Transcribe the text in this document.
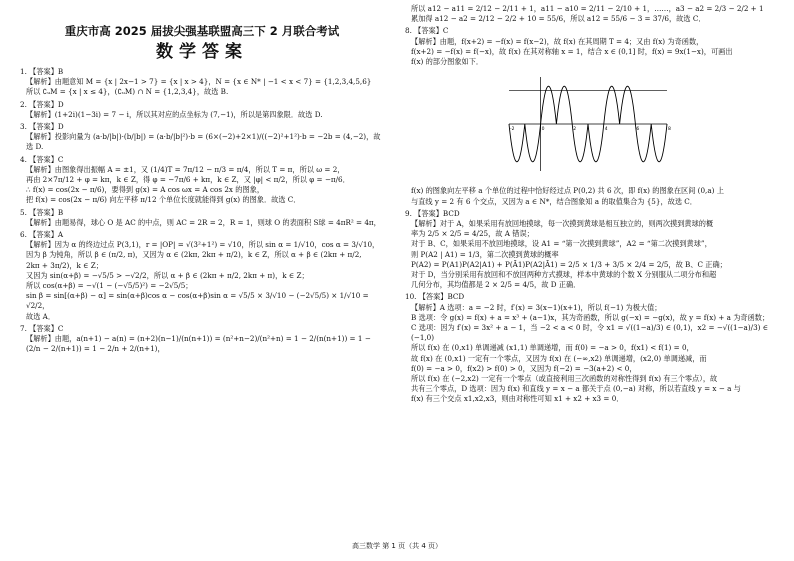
重庆市高 2025 届拔尖强基联盟高三下 2 月联合考试
数学答案
1. 【答案】B
【解析】由题意知 M = {x | 2x−1 > 7} = {x | x > 4}，N = {x ∈ N* | −1 < x < 7} = {1,2,3,4,5,6}
所以 ∁ᵤM = {x | x ≤ 4}，(∁ᵤM) ∩ N = {1,2,3,4}，故选 B.
2. 【答案】D
【解析】(1+2i)(1−3i) = 7 − i，所以其对应的点坐标为 (7,−1)，所以是第四象限．故选 D.
3. 【答案】D
【解析】投影向量为 (a·b/|b|)·(b/|b|) = (a·b/|b|²)·b = (6×(−2)+2×1)/((−2)²+1²)·b = −2b = (4,−2)，故选 D.
4. 【答案】C
【解析】由图象得出振幅 A = ±1，又 (1/4)T = 7π/12 − π/3 = π/4，所以 T = π，所以 ω = 2，
再由 2×7π/12 + φ = kπ，k ∈ Z，得 φ = −7π/6 + kπ，k ∈ Z，又 |φ| < π/2，所以 φ = −π/6．
∴ f(x) = cos(2x − π/6)，要得到 g(x) = A cos ωx = A cos 2x 的图象，
把 f(x) = cos(2x − π/6) 向左平移 π/12 个单位长度就能得到 g(x) 的图象．故选 C．
5. 【答案】B
【解析】由题易得，球心 O 是 AC 的中点，则 AC = 2R = 2，R = 1，则球 O 的表面积 S球 = 4πR² = 4π，
6. 【答案】A
【解析】因为 α 的终边过点 P(3,1)，r = |OP| = √(3²+1²) = √10，所以 sin α = 1/√10，cos α = 3/√10，
因为 β 为钝角，所以 β ∈ (π/2, π)，又因为 α ∈ (2kπ, 2kπ + π/2)，k ∈ Z，所以 α + β ∈ (2kπ + π/2,
2kπ + 3π/2)，k ∈ Z；
又因为 sin(α+β) = −√5/5 > −√2/2，所以 α + β ∈ (2kπ + π/2, 2kπ + π)，k ∈ Z；
所以 cos(α+β) = −√(1 − (−√5/5)²) = −2√5/5；
sin β = sin[(α+β) − α] = sin(α+β)cos α − cos(α+β)sin α = √5/5 × 3/√10 − (−2√5/5) × 1/√10 = √2/2，
故选 A．
7. 【答案】C
【解析】由题，a(n+1) − a(n) = (n+2)(n−1)/(n(n+1)) = (n²+n−2)/(n²+n) = 1 − 2/(n(n+1)) = 1 − (2/n − 2/(n+1)) = 1 − 2/n + 2/(n+1)，
所以 a12 − a11 = 2/12 − 2/11 + 1，a11 − a10 = 2/11 − 2/10 + 1，……，a3 − a2 = 2/3 − 2/2 + 1
累加得 a12 − a2 = 2/12 − 2/2 + 10 = 55/6，所以 a12 = 55/6 − 3 = 37/6，故选 C．
8. 【答案】C
【解析】由题，f(x+2) = −f(x) = f(x−2)，故 f(x) 在其周期 T = 4；又由 f(x) 为奇函数，
f(x+2) = −f(x) = f(−x)，故 f(x) 在其对称轴 x = 1，结合 x ∈ (0,1] 时，f(x) = 9x(1−x)，可画出
f(x) 的部分图象如下．
-2	0	2	4	6	8
f(x) 的图象向左平移 a 个单位的过程中恰好经过点 P(0,2) 共 6 次，即 f(x) 的图象在区间 (0,a) 上
与直线 y = 2 有 6 个交点，又因为 a ∈ N*，结合图象知 a 的取值集合为 {5}，故选 C．
9. 【答案】BCD
【解析】对于 A，如果采用有放回地摸球，每一次摸到黄球是相互独立的，则两次摸到黄球的概
率为 2/5 × 2/5 = 4/25，故 A 错误；
对于 B、C，如果采用不放回地摸球，设 A1 = “第一次摸到黄球”，A2 = “第二次摸到黄球”，
则 P(A2 | A1) = 1/3，第二次摸到黄球的概率
P(A2) = P(A1)P(A2|A1) + P(Ā1)P(A2|Ā1) = 2/5 × 1/3 + 3/5 × 2/4 = 2/5，故 B、C 正确；
对于 D，当分别采用有放回和不放回两种方式摸球，样本中黄球的个数 X 分别服从二项分布和超
几何分布，其均值都是 2 × 2/5 = 4/5，故 D 正确．
10. 【答案】BCD
【解析】A 选项：a = −2 时，f′(x) = 3(x−1)(x+1)，所以 f(−1) 为极大值；
B 选项：令 g(x) = f(x) + a = x³ + (a−1)x，其为奇函数，所以 g(−x) = −g(x)，故 y = f(x) + a 为奇函数；
C 选项：因为 f′(x) = 3x² + a − 1，当 −2 < a < 0 时，令 x1 = √((1−a)/3) ∈ (0,1)，x2 = −√((1−a)/3) ∈ (−1,0)
所以 f(x) 在 (0,x1) 单调递减 (x1,1) 单调递增，而 f(0) = −a > 0，f(x1) < f(1) = 0，
故 f(x) 在 (0,x1) 一定有一个零点，又因为 f(x) 在 (−∞,x2) 单调递增，(x2,0) 单调递减，而
f(0) = −a > 0，f(x2) > f(0) > 0，又因为 f(−2) = −3(a+2) < 0，
所以 f(x) 在 (−2,x2) 一定有一个零点（或直接利用三次函数的对称性得到 f(x) 有三个零点），故
共有三个零点，D 选项：因为 f(x) 和直线 y = x − a 都关于点 (0,−a) 对称，所以若直线 y = x − a 与
f(x) 有三个交点 x1,x2,x3，则由对称性可知 x1 + x2 + x3 = 0．
高三数学 第 1 页（共 4 页）
